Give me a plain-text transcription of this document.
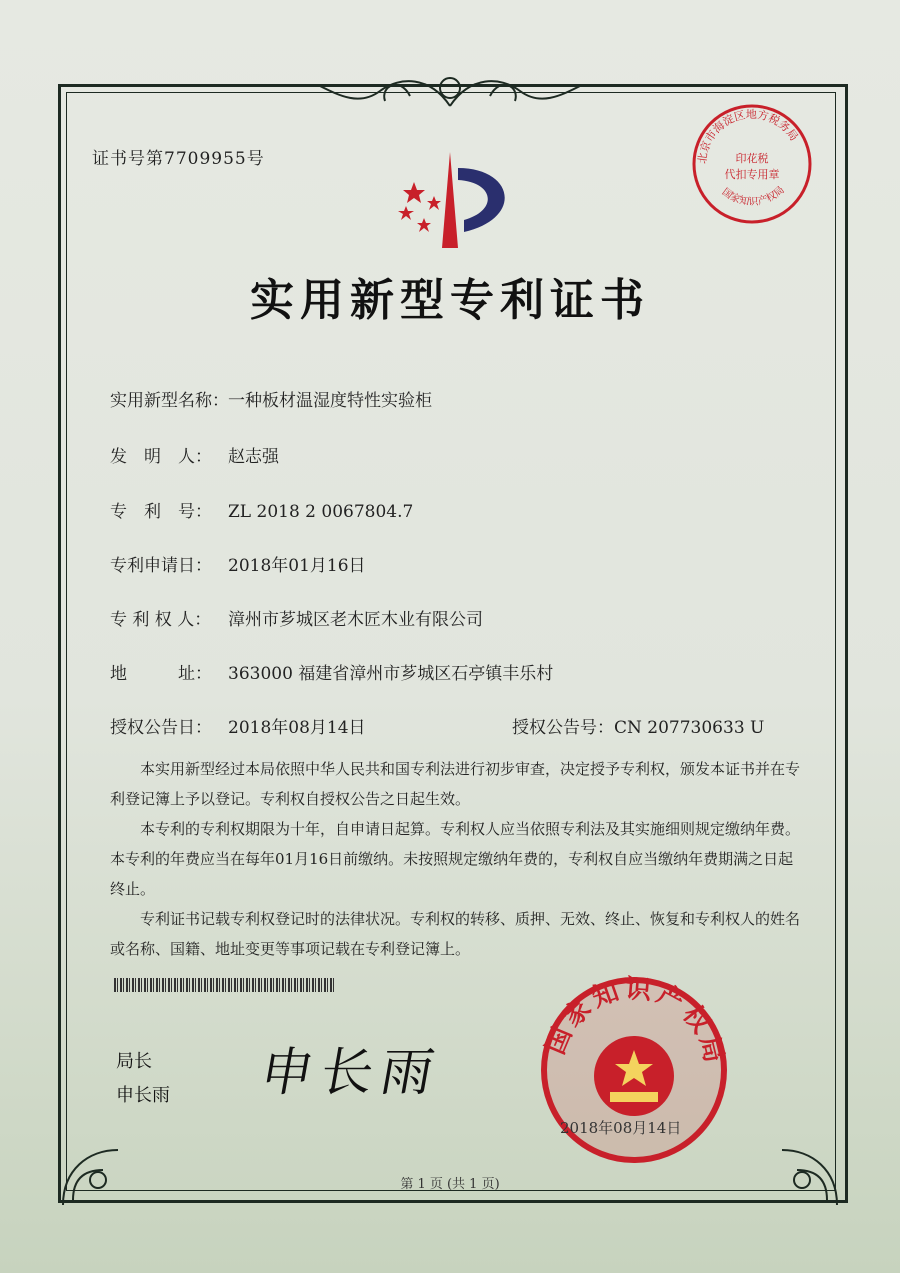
证书号第7709955号	北京市海淀区地方税务局
国家知识产权局
印花税
代扣专用章
实用新型专利证书
实用新型名称：一种板材温湿度特性实验柜
发　明　人： 赵志强
专　利　号： ZL 2018 2 0067804.7
专利申请日： 2018年01月16日
专 利 权 人： 漳州市芗城区老木匠木业有限公司
地　　　址： 363000 福建省漳州市芗城区石亭镇丰乐村
授权公告日： 2018年08月14日	授权公告号：CN 207730633 U

本实用新型经过本局依照中华人民共和国专利法进行初步审查，决定授予专利权，颁发本证书并在专利登记簿上予以登记。专利权自授权公告之日起生效。

本专利的专利权期限为十年，自申请日起算。专利权人应当依照专利法及其实施细则规定缴纳年费。本专利的年费应当在每年01月16日前缴纳。未按照规定缴纳年费的，专利权自应当缴纳年费期满之日起终止。

专利证书记载专利权登记时的法律状况。专利权的转移、质押、无效、终止、恢复和专利权人的姓名或名称、国籍、地址变更等事项记载在专利登记簿上。

局长
申长雨 申长雨
国家知识产权局
2018年08月14日
第 1 页 (共 1 页)
